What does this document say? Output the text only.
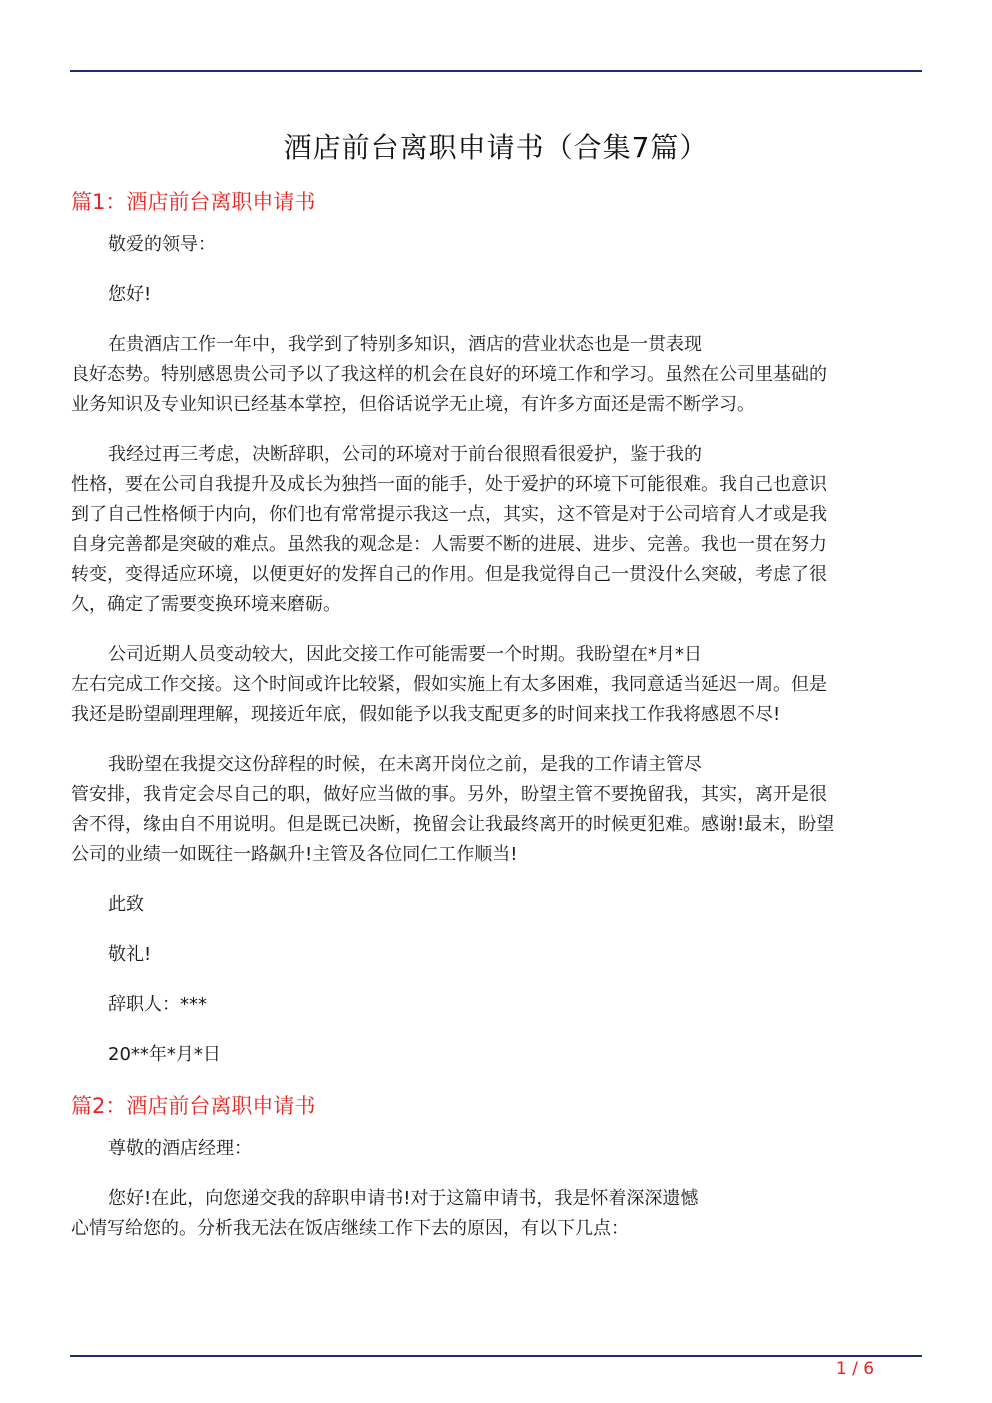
酒店前台离职申请书（合集7篇）
篇1：酒店前台离职申请书
敬爱的领导：
您好!
在贵酒店工作一年中，我学到了特别多知识，酒店的营业状态也是一贯表现
良好态势。特别感恩贵公司予以了我这样的机会在良好的环境工作和学习。虽然在公司里基础的
业务知识及专业知识已经基本掌控，但俗话说学无止境，有许多方面还是需不断学习。
我经过再三考虑，决断辞职，公司的环境对于前台很照看很爱护，鉴于我的
性格，要在公司自我提升及成长为独挡一面的能手，处于爱护的环境下可能很难。我自己也意识
到了自己性格倾于内向，你们也有常常提示我这一点，其实，这不管是对于公司培育人才或是我
自身完善都是突破的难点。虽然我的观念是：人需要不断的进展、进步、完善。我也一贯在努力
转变，变得适应环境，以便更好的发挥自己的作用。但是我觉得自己一贯没什么突破，考虑了很
久，确定了需要变换环境来磨砺。
公司近期人员变动较大，因此交接工作可能需要一个时期。我盼望在*月*日
左右完成工作交接。这个时间或许比较紧，假如实施上有太多困难，我同意适当延迟一周。但是
我还是盼望副理理解，现接近年底，假如能予以我支配更多的时间来找工作我将感恩不尽!
我盼望在我提交这份辞程的时候，在未离开岗位之前，是我的工作请主管尽
管安排，我肯定会尽自己的职，做好应当做的事。另外，盼望主管不要挽留我，其实，离开是很
舍不得，缘由自不用说明。但是既已决断，挽留会让我最终离开的时候更犯难。感谢!最末，盼望
公司的业绩一如既往一路飙升!主管及各位同仁工作顺当!
此致
敬礼!
辞职人：***
20**年*月*日
篇2：酒店前台离职申请书
尊敬的酒店经理：
您好!在此，向您递交我的辞职申请书!对于这篇申请书，我是怀着深深遗憾
心情写给您的。分析我无法在饭店继续工作下去的原因，有以下几点：
1 / 6
